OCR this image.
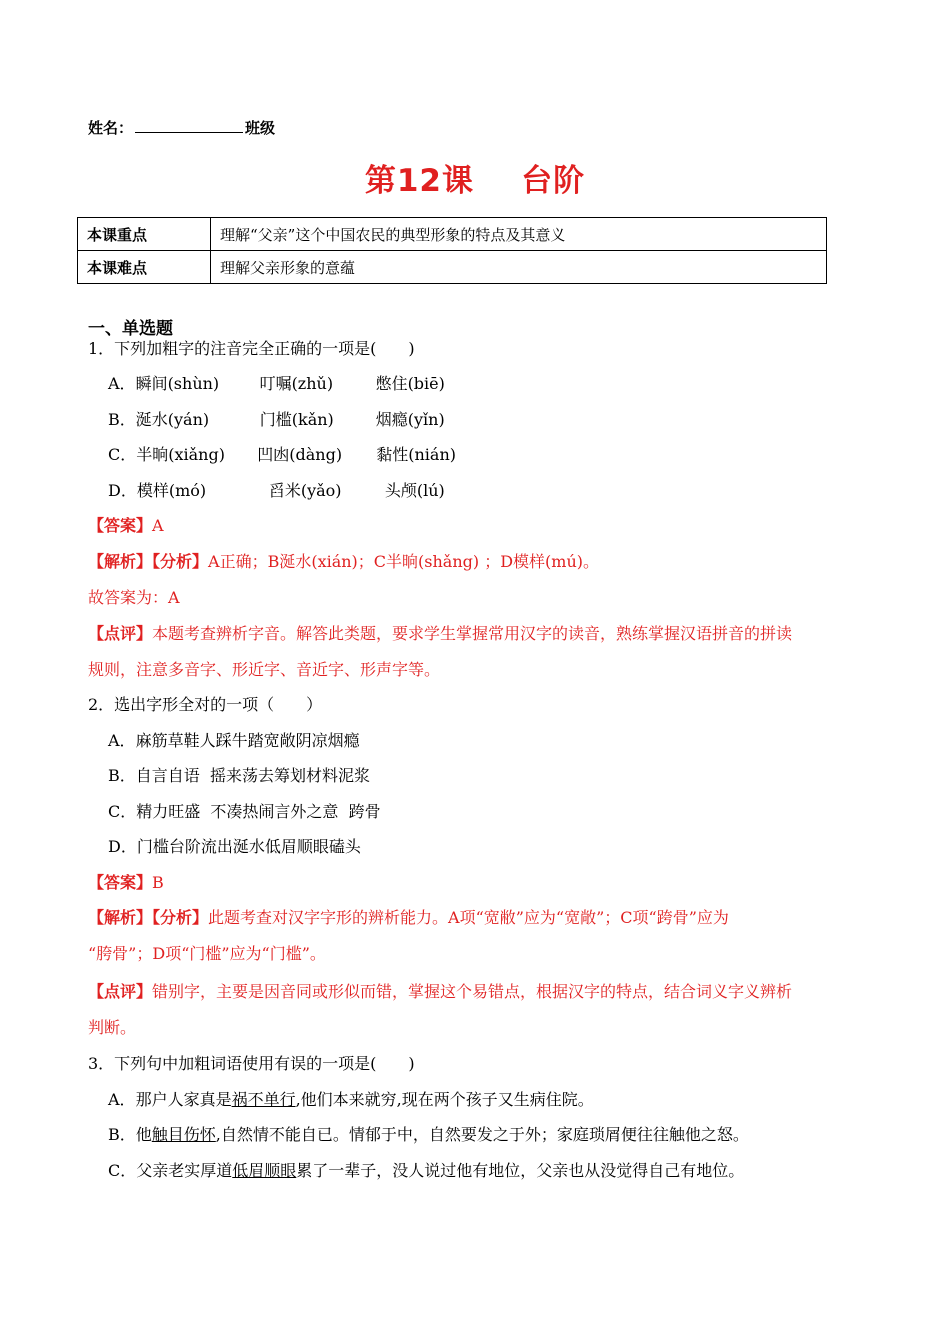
姓名：	班级
第12课 台阶
本课重点	理解“父亲”这个中国农民的典型形象的特点及其意义
本课难点	理解父亲形象的意蕴
一、单选题
1．下列加粗字的注音完全正确的一项是(　　)
A．瞬间(shùn)	叮嘱(zhǔ)	憋住(biē)
B．涎水(yán)	门槛(kǎn)	烟瘾(yǐn)
C．半晌(xiǎng) 凹凼(dàng) 黏性(nián)
D．模样(mó)	舀米(yǎo)	头颅(lú)
【答案】A
【解析】【分析】A正确；B涎水(xián)；C半晌(shǎng) ；D模样(mú)。
故答案为：A
【点评】本题考查辨析字音。解答此类题，要求学生掌握常用汉字的读音，熟练掌握汉语拼音的拼读
规则，注意多音字、形近字、音近字、形声字等。
2．选出字形全对的一项（　　）
A．麻筋草鞋人踩牛踏宽敞阴凉烟瘾
B．自言自语  摇来荡去筹划材料泥浆
C．精力旺盛  不凑热闹言外之意  跨骨
D．门槛台阶流出涎水低眉顺眼磕头
【答案】B
【解析】【分析】此题考查对汉字字形的辨析能力。A项“宽敝”应为“宽敞”；C项“跨骨”应为
“胯骨”；D项“门槛”应为“门槛”。
【点评】错别字，主要是因音同或形似而错，掌握这个易错点，根据汉字的特点，结合词义字义辨析
判断。
3．下列句中加粗词语使用有误的一项是(　　)
A．那户人家真是祸不单行,他们本来就穷,现在两个孩子又生病住院。
B．他触目伤怀,自然情不能自已。情郁于中，自然要发之于外；家庭琐屑便往往触他之怒。
C．父亲老实厚道低眉顺眼累了一辈子，没人说过他有地位，父亲也从没觉得自己有地位。
